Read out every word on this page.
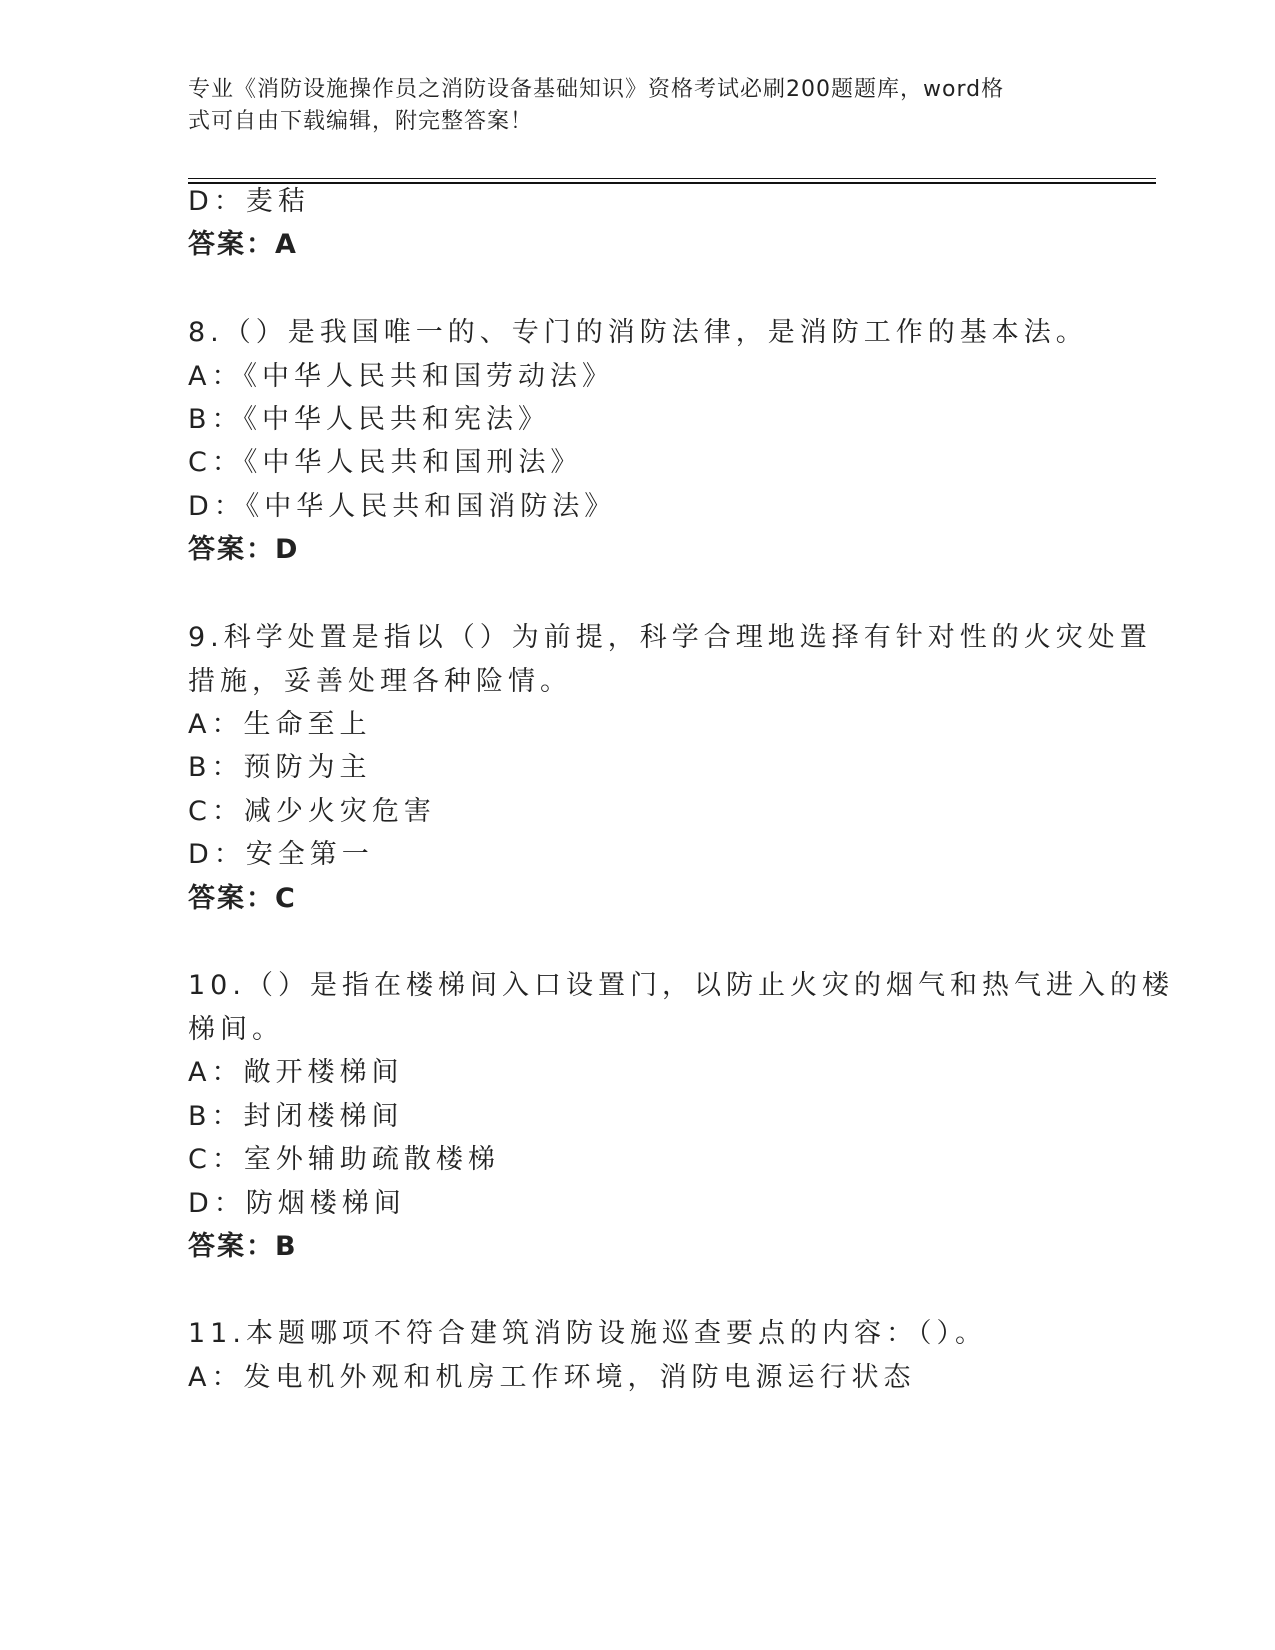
专业《消防设施操作员之消防设备基础知识》资格考试必刷200题题库，word格
式可自由下载编辑，附完整答案！
D：麦秸
答案：A
8.（）是我国唯一的、专门的消防法律，是消防工作的基本法。
A：《中华人民共和国劳动法》
B：《中华人民共和宪法》
C：《中华人民共和国刑法》
D：《中华人民共和国消防法》
答案：D
9.科学处置是指以（）为前提，科学合理地选择有针对性的火灾处置
措施，妥善处理各种险情。
A：生命至上
B：预防为主
C：减少火灾危害
D：安全第一
答案：C
10.（）是指在楼梯间入口设置门，以防止火灾的烟气和热气进入的楼
梯间。
A：敞开楼梯间
B：封闭楼梯间
C：室外辅助疏散楼梯
D：防烟楼梯间
答案：B
11.本题哪项不符合建筑消防设施巡查要点的内容：（）。
A：发电机外观和机房工作环境，消防电源运行状态
